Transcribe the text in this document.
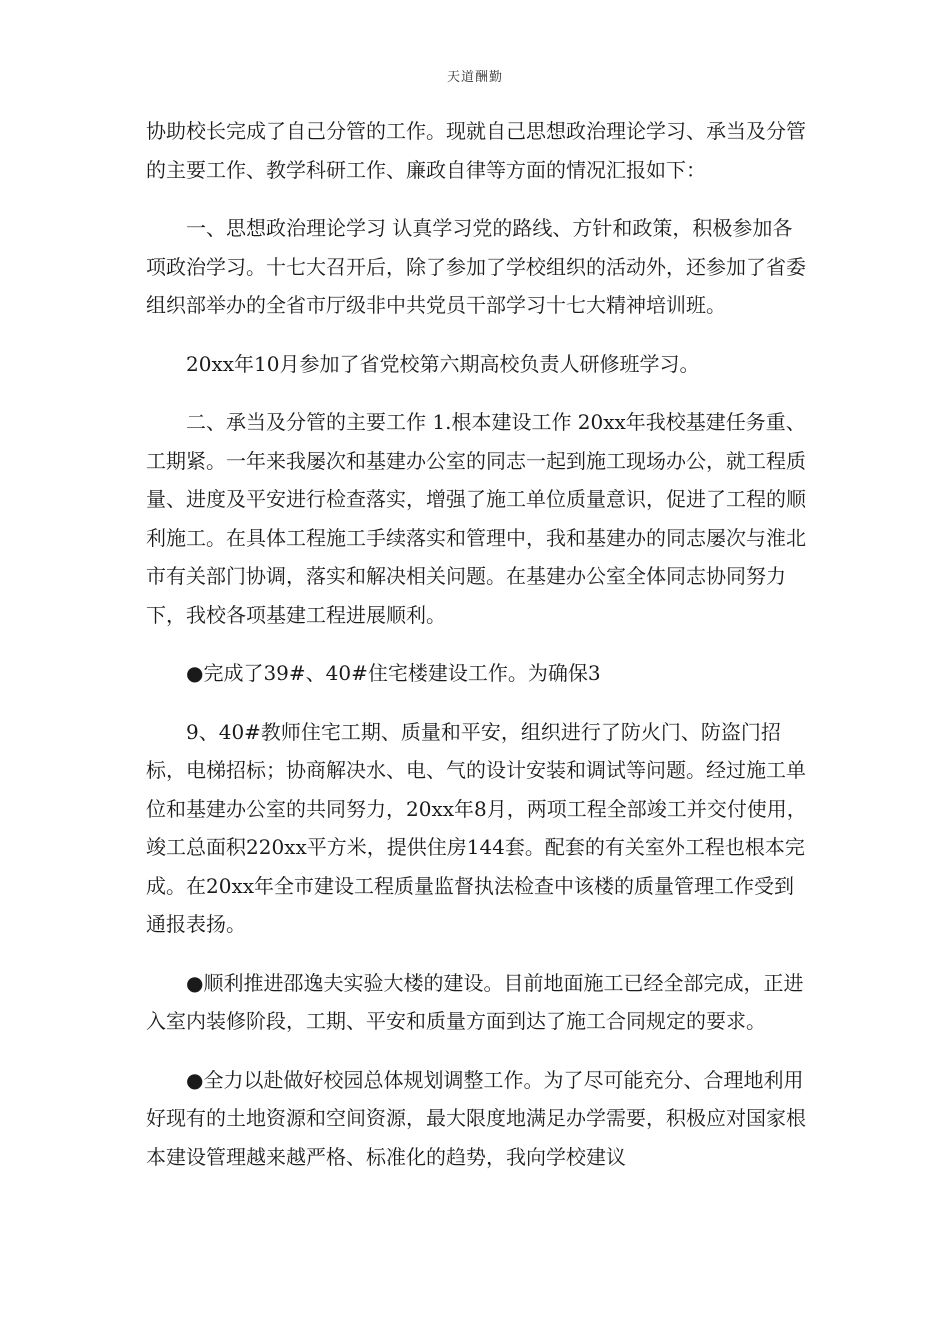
天道酬勤

协助校长完成了自己分管的工作。现就自己思想政治理论学习、承当及分管的主要工作、教学科研工作、廉政自律等方面的情况汇报如下：

一、思想政治理论学习 认真学习党的路线、方针和政策，积极参加各项政治学习。十七大召开后，除了参加了学校组织的活动外，还参加了省委组织部举办的全省市厅级非中共党员干部学习十七大精神培训班。

20xx年10月参加了省党校第六期高校负责人研修班学习。

二、承当及分管的主要工作 1.根本建设工作 20xx年我校基建任务重、工期紧。一年来我屡次和基建办公室的同志一起到施工现场办公，就工程质量、进度及平安进行检查落实，增强了施工单位质量意识，促进了工程的顺利施工。在具体工程施工手续落实和管理中，我和基建办的同志屡次与淮北市有关部门协调，落实和解决相关问题。在基建办公室全体同志协同努力下，我校各项基建工程进展顺利。

●完成了39#、40#住宅楼建设工作。为确保3

9、40#教师住宅工期、质量和平安，组织进行了防火门、防盗门招标，电梯招标；协商解决水、电、气的设计安装和调试等问题。经过施工单位和基建办公室的共同努力，20xx年8月，两项工程全部竣工并交付使用，竣工总面积220xx平方米，提供住房144套。配套的有关室外工程也根本完成。在20xx年全市建设工程质量监督执法检查中该楼的质量管理工作受到通报表扬。

●顺利推进邵逸夫实验大楼的建设。目前地面施工已经全部完成，正进入室内装修阶段，工期、平安和质量方面到达了施工合同规定的要求。

●全力以赴做好校园总体规划调整工作。为了尽可能充分、合理地利用好现有的土地资源和空间资源，最大限度地满足办学需要，积极应对国家根本建设管理越来越严格、标准化的趋势，我向学校建议
